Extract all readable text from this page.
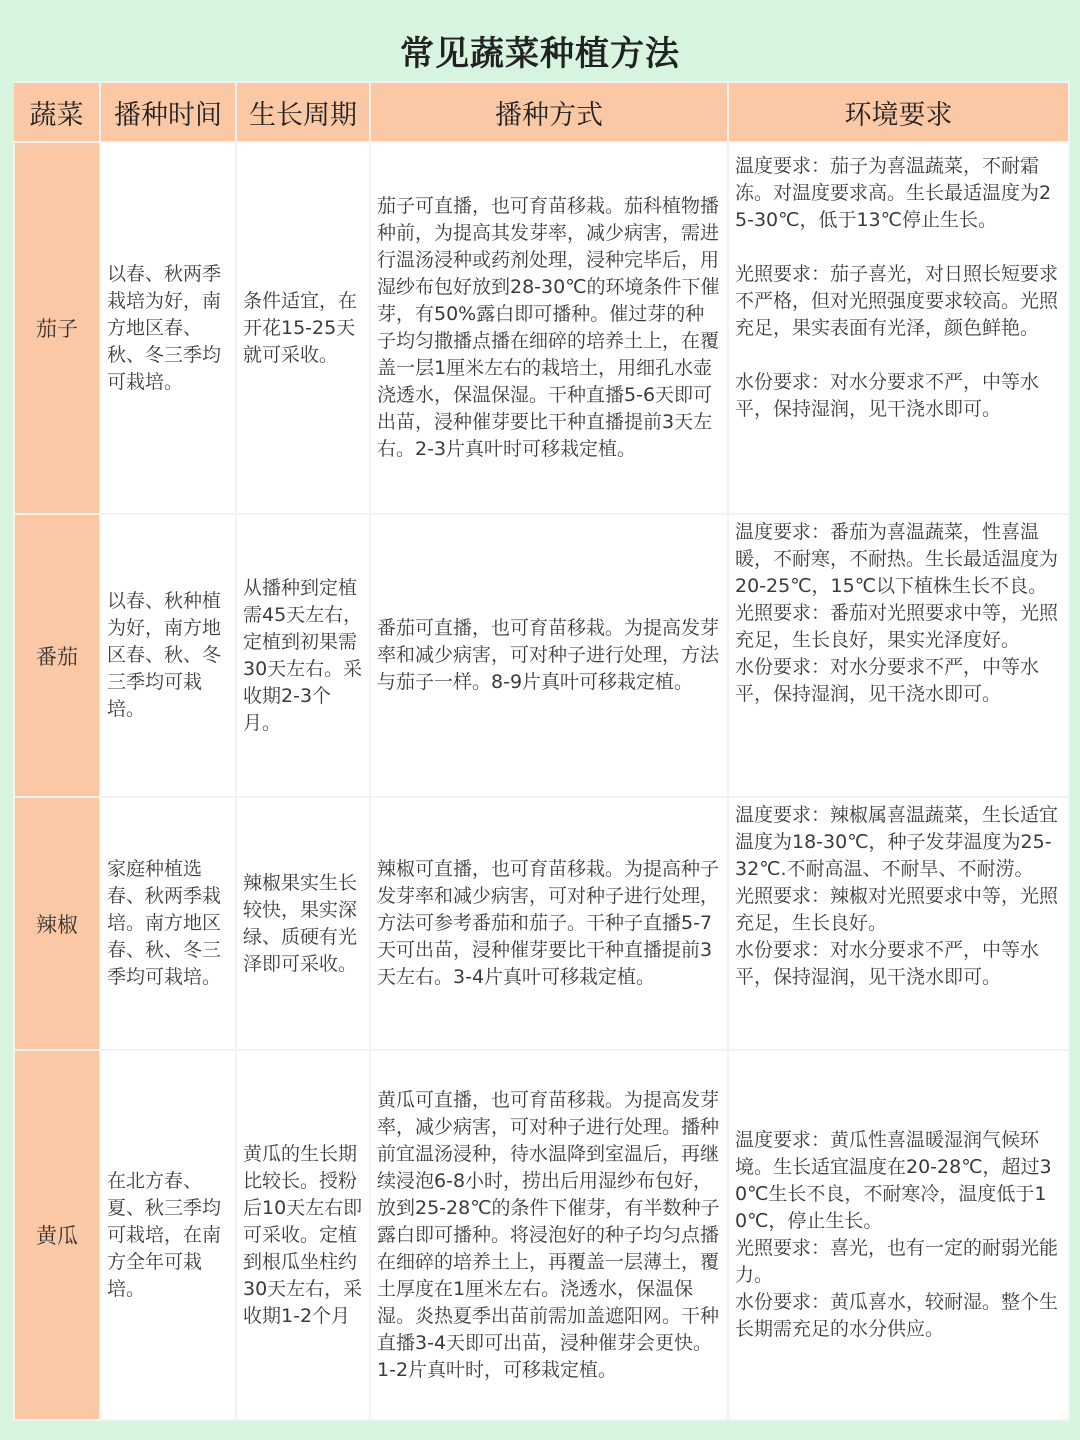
常见蔬菜种植方法
蔬菜	播种时间	生长周期	播种方式	环境要求
茄子	以春、秋两季栽培为好，南方地区春、秋、冬三季均可栽培。	条件适宜，在开花15-25天就可采收。	茄子可直播，也可育苗移栽。茄科植物播种前，为提高其发芽率，减少病害，需进行温汤浸种或药剂处理，浸种完毕后，用湿纱布包好放到28-30℃的环境条件下催芽，有50%露白即可播种。催过芽的种子均匀撒播点播在细碎的培养土上，在覆盖一层1厘米左右的栽培土，用细孔水壶浇透水，保温保湿。干种直播5-6天即可出苗，浸种催芽要比干种直播提前3天左右。2-3片真叶时可移栽定植。	温度要求：茄子为喜温蔬菜，不耐霜冻。对温度要求高。生长最适温度为25-30℃，低于13℃停止生长。

光照要求：茄子喜光，对日照长短要求不严格，但对光照强度要求较高。光照充足，果实表面有光泽，颜色鲜艳。

水份要求：对水分要求不严，中等水平，保持湿润，见干浇水即可。

番茄	以春、秋种植为好，南方地区春、秋、冬三季均可栽培。	从播种到定植需45天左右，定植到初果需30天左右。采收期2-3个月。	番茄可直播，也可育苗移栽。为提高发芽率和减少病害，可对种子进行处理，方法与茄子一样。8-9片真叶可移栽定植。	温度要求：番茄为喜温蔬菜，性喜温暖，不耐寒，不耐热。生长最适温度为20-25℃，15℃以下植株生长不良。

光照要求：番茄对光照要求中等，光照充足，生长良好，果实光泽度好。

水份要求：对水分要求不严，中等水平，保持湿润，见干浇水即可。

辣椒	家庭种植选春、秋两季栽培。南方地区春、秋、冬三季均可栽培。	辣椒果实生长较快，果实深绿、质硬有光泽即可采收。	辣椒可直播，也可育苗移栽。为提高种子发芽率和减少病害，可对种子进行处理，方法可参考番茄和茄子。干种子直播5-7天可出苗，浸种催芽要比干种直播提前3天左右。3-4片真叶可移栽定植。	温度要求：辣椒属喜温蔬菜，生长适宜温度为18-30℃，种子发芽温度为25-32℃.不耐高温、不耐旱、不耐涝。

光照要求：辣椒对光照要求中等，光照充足，生长良好。

水份要求：对水分要求不严，中等水平，保持湿润，见干浇水即可。

黄瓜	在北方春、夏、秋三季均可栽培，在南方全年可栽培。	黄瓜的生长期比较长。授粉后10天左右即可采收。定植到根瓜坐柱约30天左右，采收期1-2个月	黄瓜可直播，也可育苗移栽。为提高发芽率，减少病害，可对种子进行处理。播种前宜温汤浸种，待水温降到室温后，再继续浸泡6-8小时，捞出后用湿纱布包好，放到25-28℃的条件下催芽，有半数种子露白即可播种。将浸泡好的种子均匀点播在细碎的培养土上，再覆盖一层薄土，覆土厚度在1厘米左右。浇透水，保温保湿。炎热夏季出苗前需加盖遮阳网。干种直播3-4天即可出苗，浸种催芽会更快。1-2片真叶时，可移栽定植。	温度要求：黄瓜性喜温暖湿润气候环境。生长适宜温度在20-28℃，超过30℃生长不良，不耐寒冷，温度低于10℃，停止生长。

光照要求：喜光，也有一定的耐弱光能力。

水份要求：黄瓜喜水，较耐湿。整个生长期需充足的水分供应。
